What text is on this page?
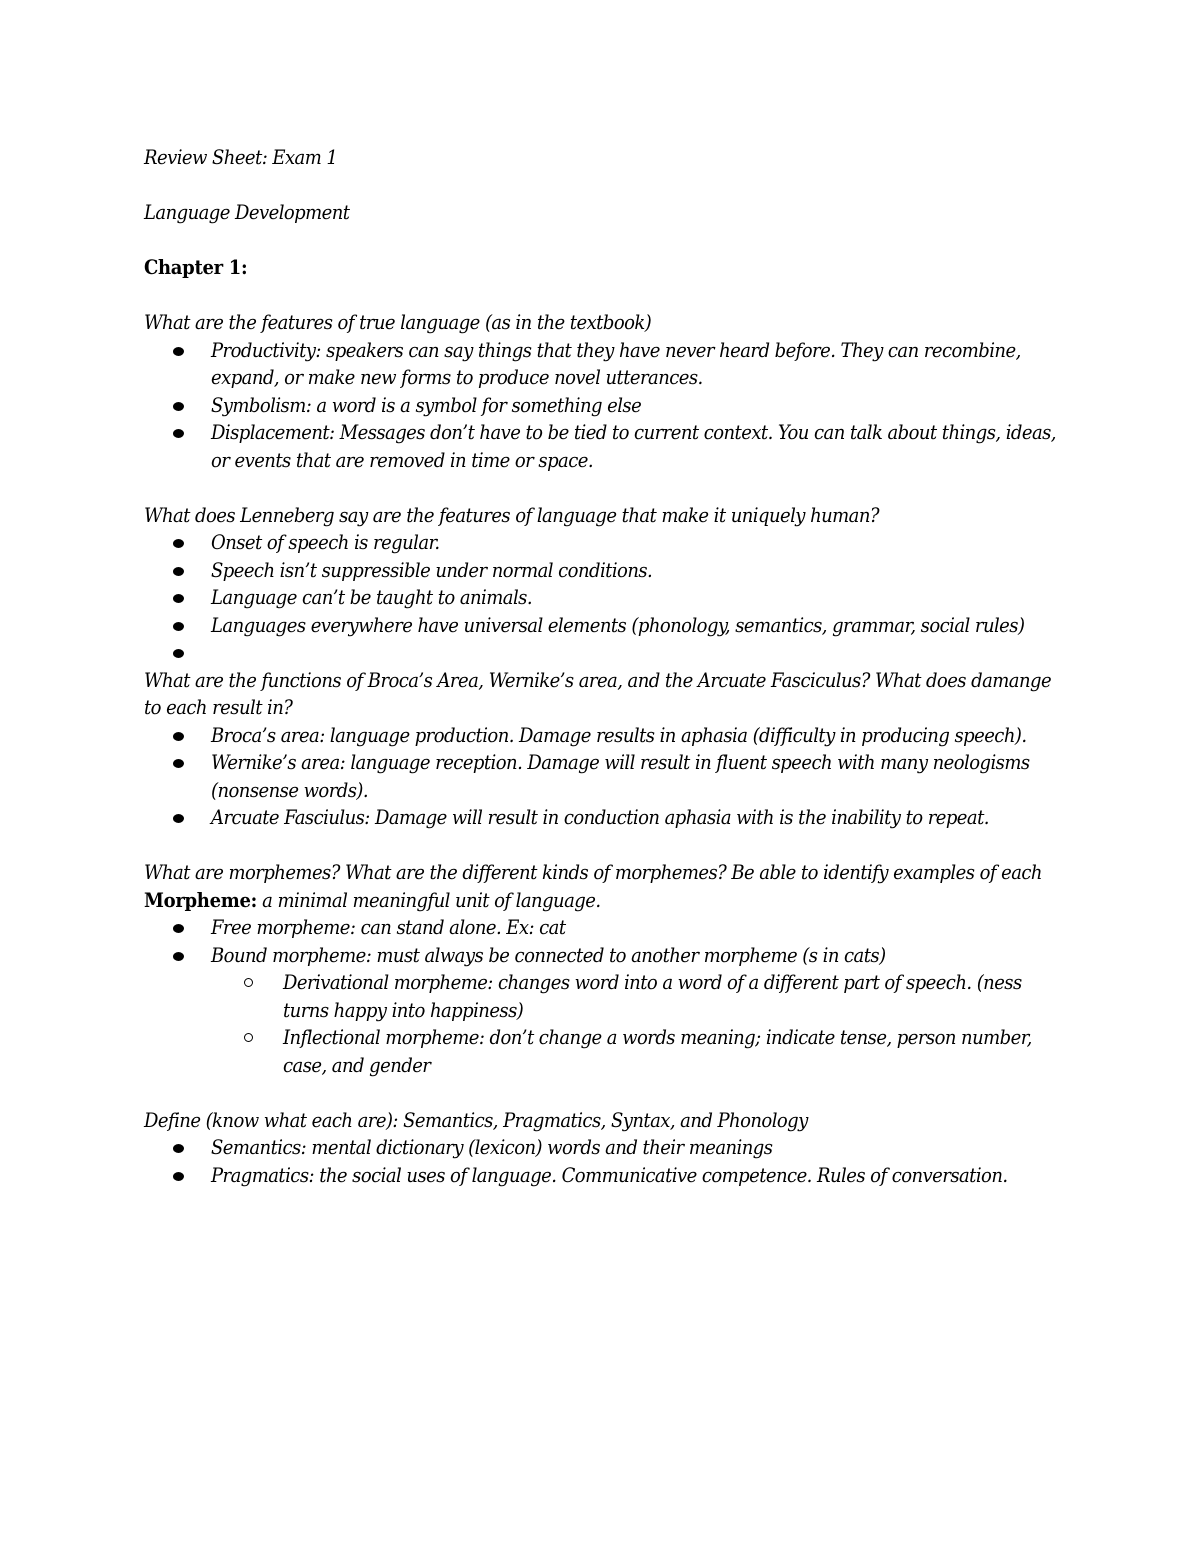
Review Sheet: Exam 1

Language Development

Chapter 1:

What are the features of true language (as in the textbook)

Productivity: speakers can say things that they have never heard before. They can recombine, expand, or make new forms to produce novel utterances.
Symbolism: a word is a symbol for something else
Displacement: Messages don’t have to be tied to current context. You can talk about things, ideas, or events that are removed in time or space.

What does Lenneberg say are the features of language that make it uniquely human?

Onset of speech is regular.
Speech isn’t suppressible under normal conditions.
Language can’t be taught to animals.
Languages everywhere have universal elements (phonology, semantics, grammar, social rules)

What are the functions of Broca’s Area, Wernike’s area, and the Arcuate Fasciculus? What does damange to each result in?

Broca’s area: language production. Damage results in aphasia (difficulty in producing speech).
Wernike’s area: language reception. Damage will result in fluent speech with many neologisms (nonsense words).
Arcuate Fasciulus: Damage will result in conduction aphasia with is the inability to repeat.

What are morphemes? What are the different kinds of morphemes? Be able to identify examples of each

Morpheme: a minimal meaningful unit of language.

Free morpheme: can stand alone. Ex: cat
Bound morpheme: must always be connected to another morpheme (s in cats)
Derivational morpheme: changes word into a word of a different part of speech. (ness turns happy into happiness)
Inflectional morpheme: don’t change a words meaning; indicate tense, person number, case, and gender

Define (know what each are): Semantics, Pragmatics, Syntax, and Phonology

Semantics: mental dictionary (lexicon) words and their meanings
Pragmatics: the social uses of language. Communicative competence. Rules of conversation.
